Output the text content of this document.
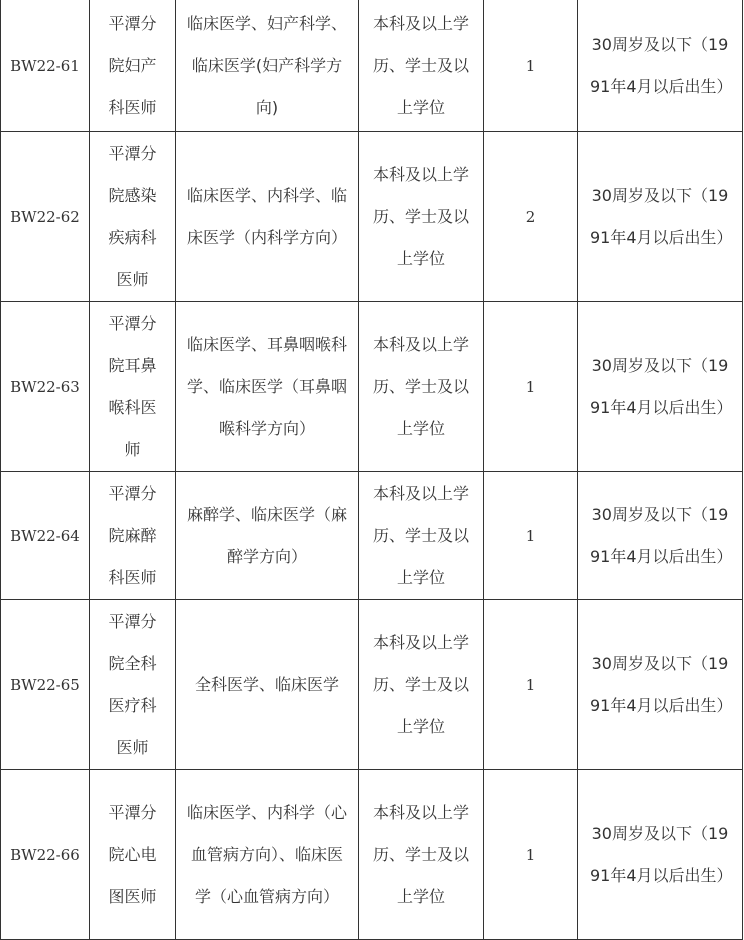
BW22-61	平潭分院妇产科医师	临床医学、妇产科学、临床医学(妇产科学方向)	本科及以上学历、学士及以上学位	1	30周岁及以下（1991年4月以后出生）

BW22-62	平潭分院感染疾病科医师	临床医学、内科学、临床医学（内科学方向）	本科及以上学历、学士及以上学位	2	30周岁及以下（1991年4月以后出生）

BW22-63	平潭分院耳鼻喉科医师	临床医学、耳鼻咽喉科学、临床医学（耳鼻咽喉科学方向）	本科及以上学历、学士及以上学位	1	30周岁及以下（1991年4月以后出生）

BW22-64	平潭分院麻醉科医师	麻醉学、临床医学（麻醉学方向）	本科及以上学历、学士及以上学位	1	30周岁及以下（1991年4月以后出生）

BW22-65	平潭分院全科医疗科医师	全科医学、临床医学	本科及以上学历、学士及以上学位	1	30周岁及以下（1991年4月以后出生）

BW22-66	平潭分院心电图医师	临床医学、内科学（心血管病方向）、临床医学（心血管病方向）	本科及以上学历、学士及以上学位	1	30周岁及以下（1991年4月以后出生）
